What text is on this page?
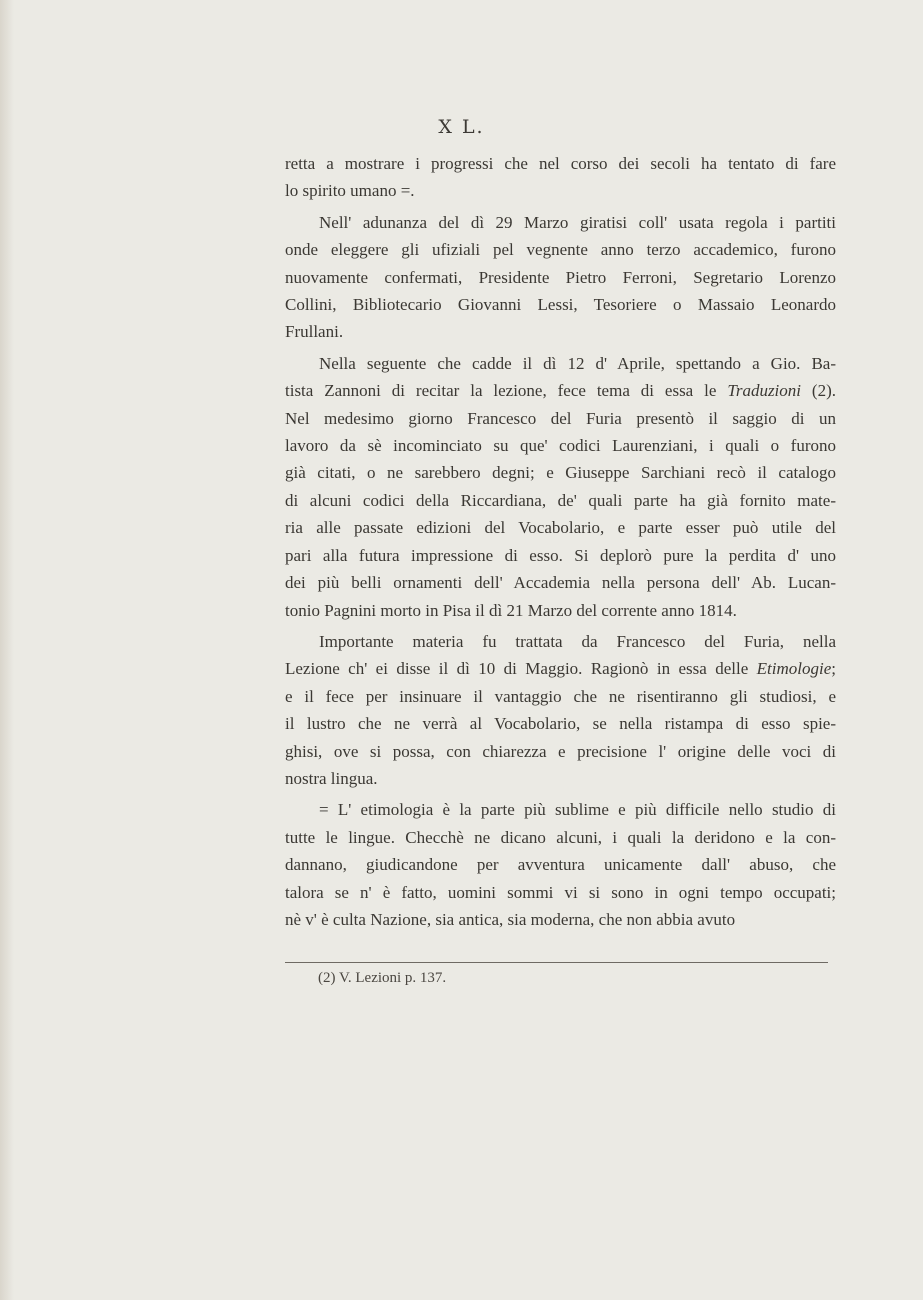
X L.
retta a mostrare i progressi che nel corso dei secoli ha tentato di fare
lo spirito umano =.
Nell' adunanza del dì 29 Marzo giratisi coll' usata regola i partiti
onde eleggere gli ufiziali pel vegnente anno terzo accademico, furono
nuovamente confermati, Presidente Pietro Ferroni, Segretario Lorenzo
Collini, Bibliotecario Giovanni Lessi, Tesoriere o Massaio Leonardo
Frullani.
Nella seguente che cadde il dì 12 d' Aprile, spettando a Gio. Ba-
tista Zannoni di recitar la lezione, fece tema di essa le Traduzioni (2).
Nel medesimo giorno Francesco del Furia presentò il saggio di un
lavoro da sè incominciato su que' codici Laurenziani, i quali o furono
già citati, o ne sarebbero degni; e Giuseppe Sarchiani recò il catalogo
di alcuni codici della Riccardiana, de' quali parte ha già fornito mate-
ria alle passate edizioni del Vocabolario, e parte esser può utile del
pari alla futura impressione di esso. Si deplorò pure la perdita d' uno
dei più belli ornamenti dell' Accademia nella persona dell' Ab. Lucan-
tonio Pagnini morto in Pisa il dì 21 Marzo del corrente anno 1814.
Importante materia fu trattata da Francesco del Furia, nella
Lezione ch' ei disse il dì 10 di Maggio. Ragionò in essa delle Etimologie;
e il fece per insinuare il vantaggio che ne risentiranno gli studiosi, e
il lustro che ne verrà al Vocabolario, se nella ristampa di esso spie-
ghisi, ove si possa, con chiarezza e precisione l' origine delle voci di
nostra lingua.
= L' etimologia è la parte più sublime e più difficile nello studio di
tutte le lingue. Checchè ne dicano alcuni, i quali la deridono e la con-
dannano, giudicandone per avventura unicamente dall' abuso, che
talora se n' è fatto, uomini sommi vi si sono in ogni tempo occupati;
nè v' è culta Nazione, sia antica, sia moderna, che non abbia avuto
(2) V. Lezioni p. 137.
